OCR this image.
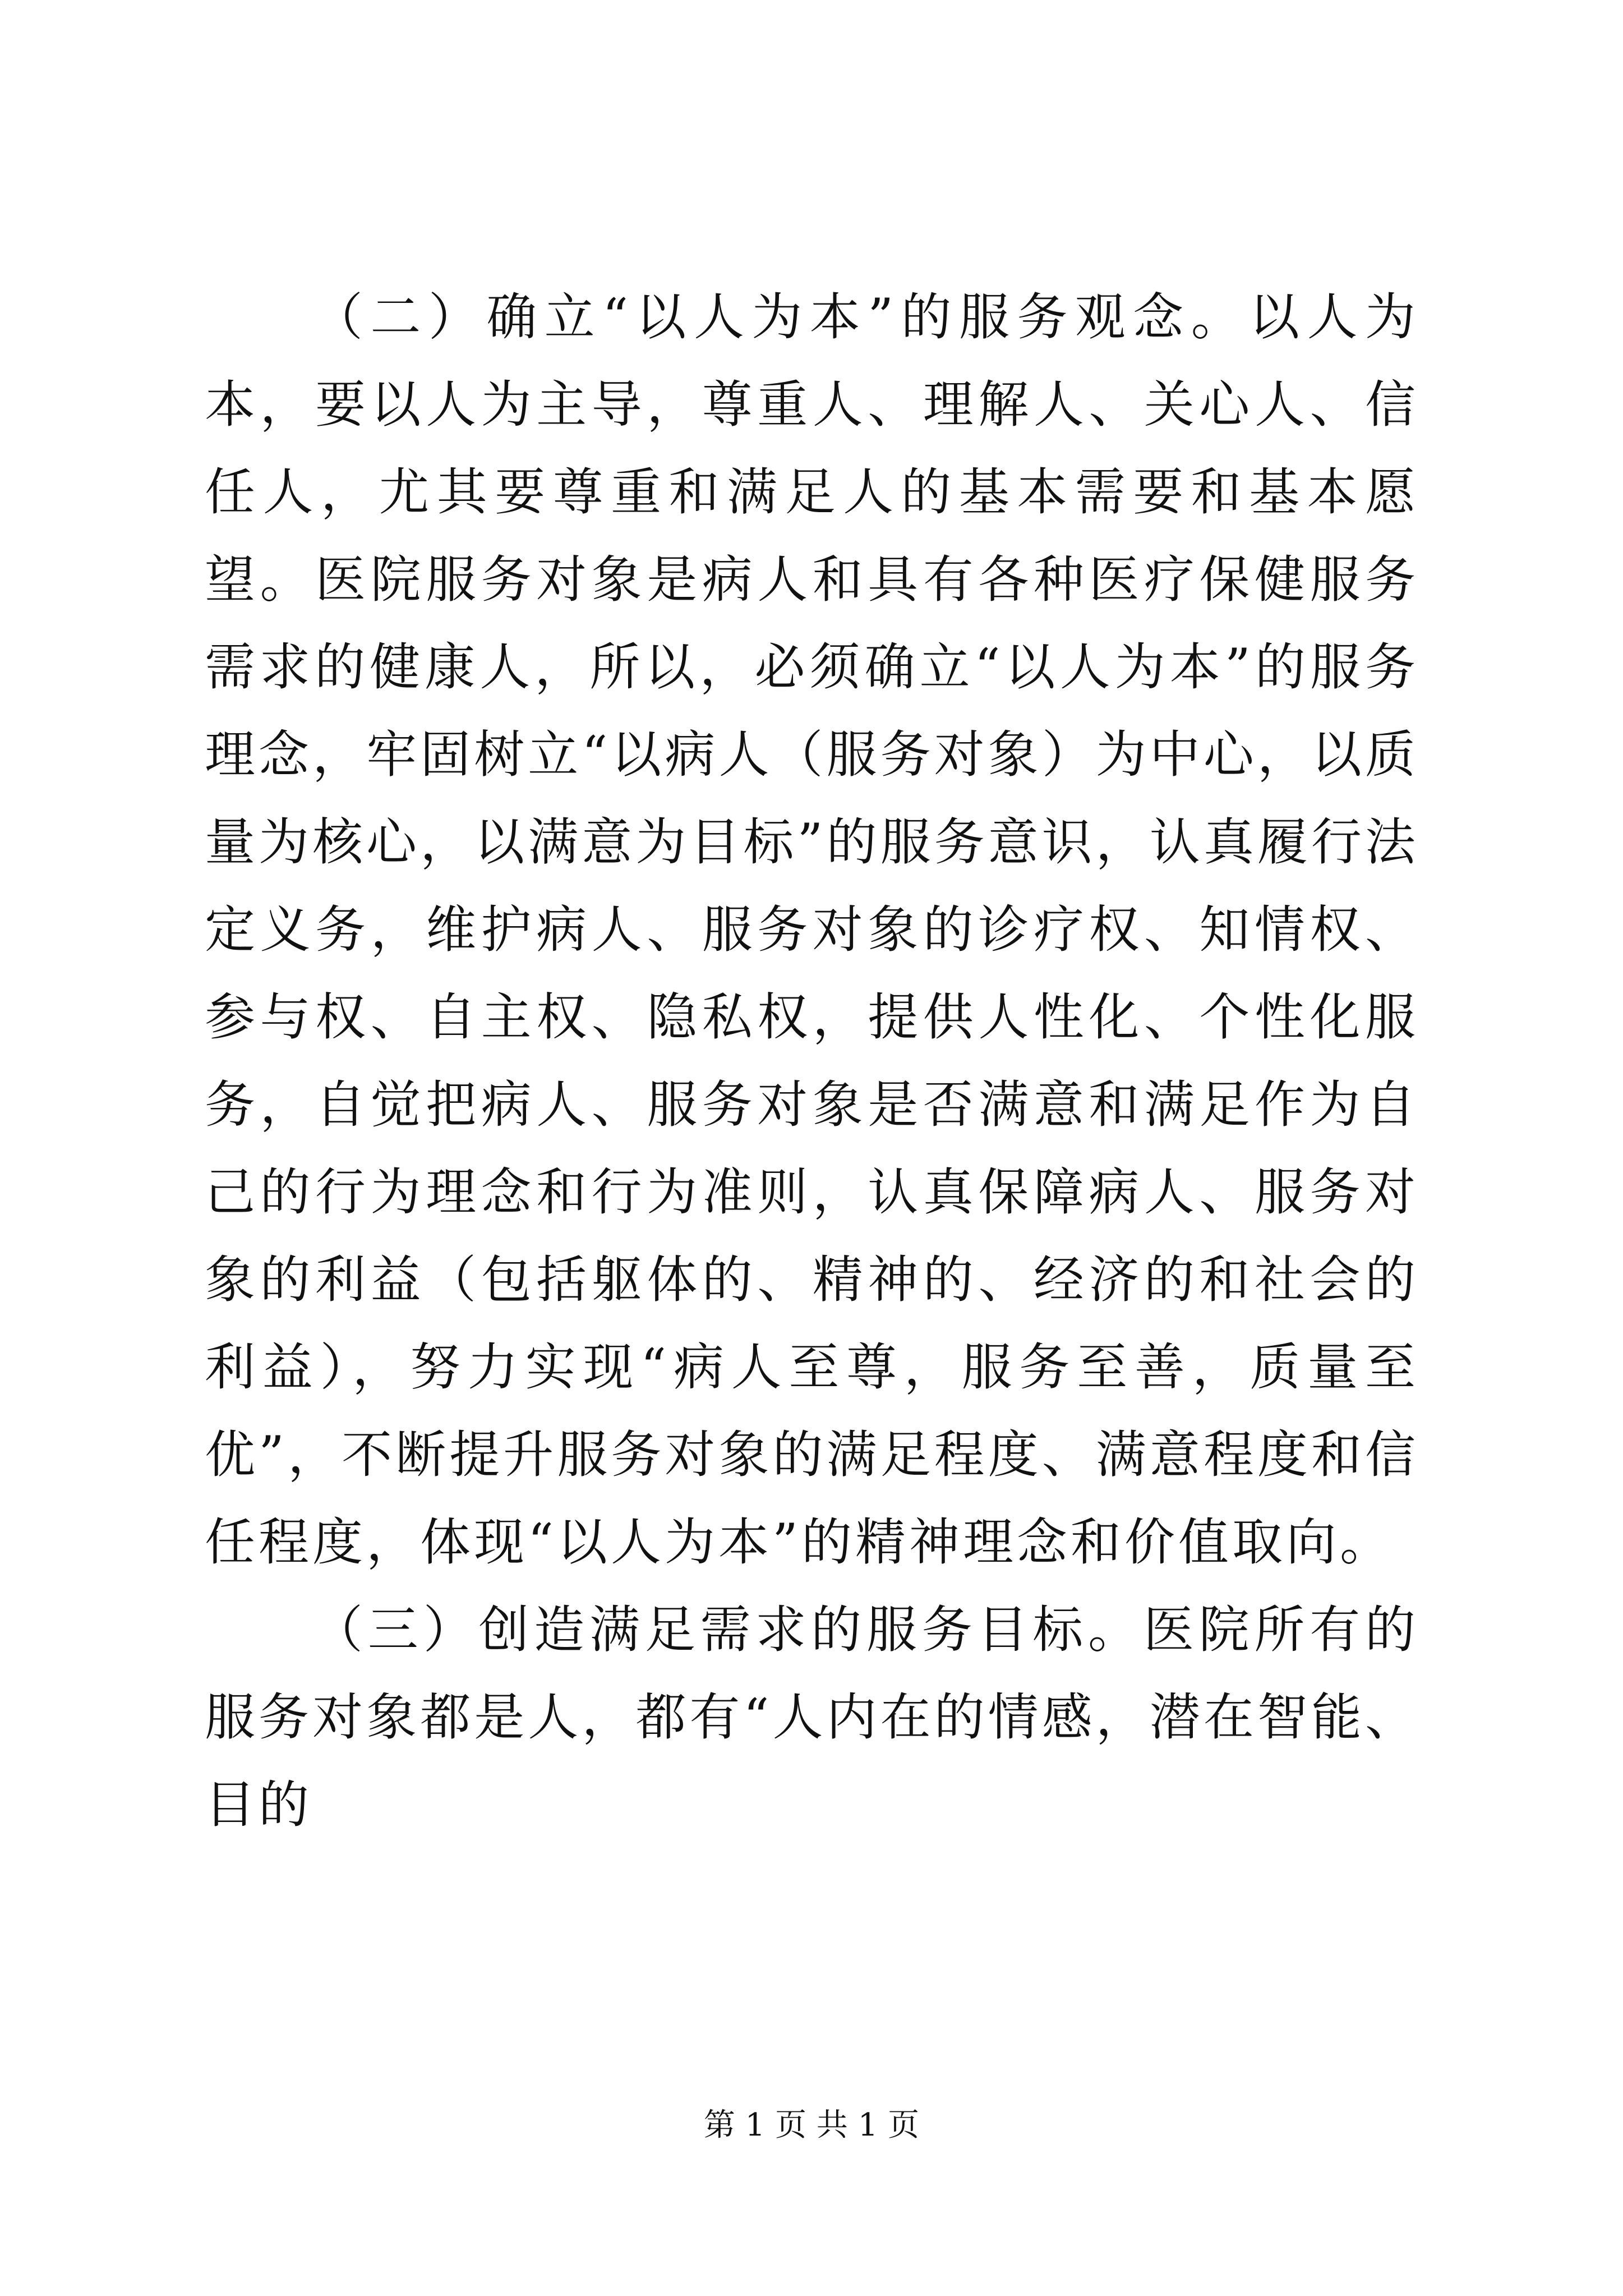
（二）确立“以人为本”的服务观念。以人为本，要以人为主导，尊重人、理解人、关心人、信任人，尤其要尊重和满足人的基本需要和基本愿望。医院服务对象是病人和具有各种医疗保健服务需求的健康人，所以，必须确立“以人为本”的服务理念，牢固树立“以病人（服务对象）为中心，以质量为核心，以满意为目标”的服务意识，认真履行法定义务，维护病人、服务对象的诊疗权、知情权、参与权、自主权、隐私权，提供人性化、个性化服务，自觉把病人、服务对象是否满意和满足作为自己的行为理念和行为准则，认真保障病人、服务对象的利益（包括躯体的、精神的、经济的和社会的利益），努力实现“病人至尊，服务至善，质量至优”，不断提升服务对象的满足程度、满意程度和信任程度，体现“以人为本”的精神理念和价值取向。

（三）创造满足需求的服务目标。医院所有的服务对象都是人，都有“人内在的情感，潜在智能、目的

第 1 页 共 1 页
